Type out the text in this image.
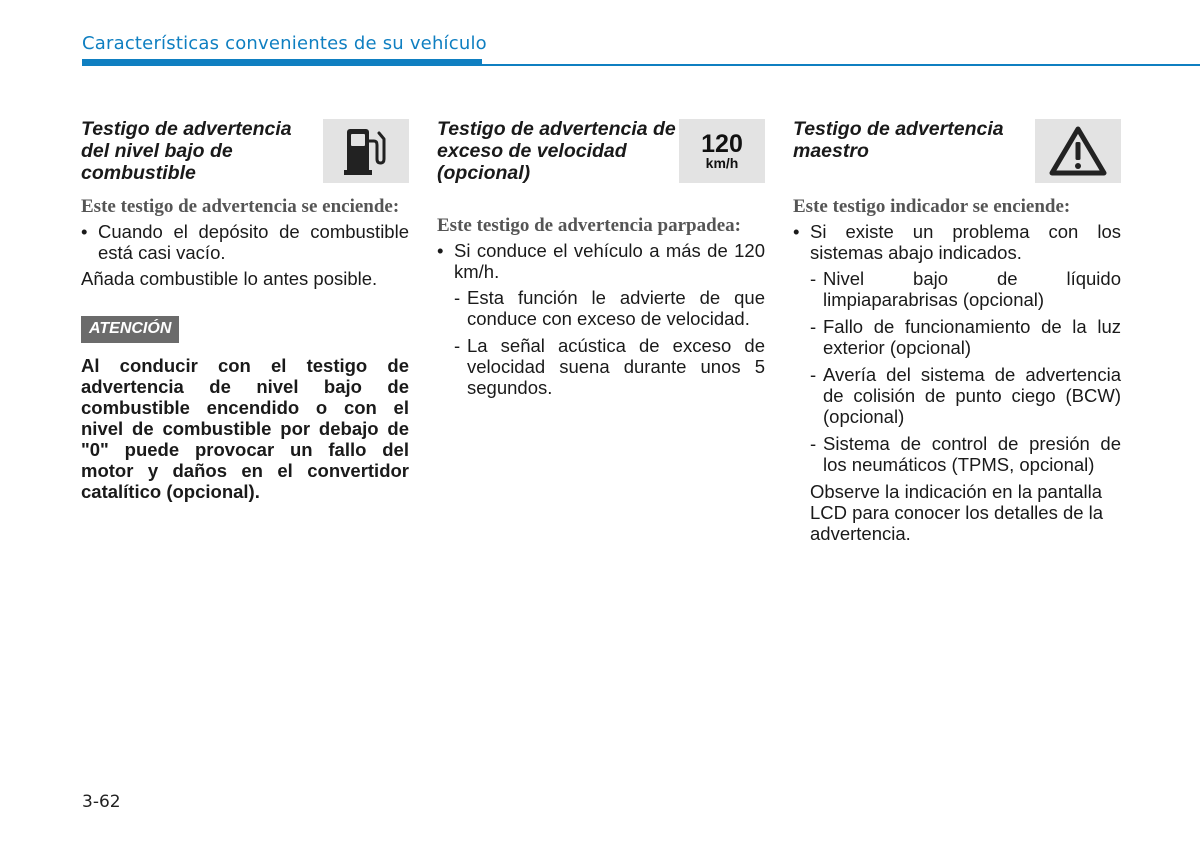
Características convenientes de su vehículo
Testigo de advertencia del nivel bajo de combustible
Este testigo de advertencia se enciende:
• Cuando el depósito de combustible está casi vacío.
Añada combustible lo antes posible.
ATENCIÓN
Al conducir con el testigo de advertencia de nivel bajo de combustible encendido o con el nivel de combustible por debajo de "0" puede provocar un fallo del motor y daños en el convertidor catalítico (opcional).
Testigo de advertencia de exceso de velocidad (opcional)
120
km/h
Este testigo de advertencia parpadea:
• Si conduce el vehículo a más de 120 km/h.
- Esta función le advierte de que conduce con exceso de velocidad.
- La señal acústica de exceso de velocidad suena durante unos 5 segundos.
Testigo de advertencia maestro
Este testigo indicador se enciende:
• Si existe un problema con los sistemas abajo indicados.
- Nivel bajo de líquido limpiaparabrisas (opcional)
- Fallo de funcionamiento de la luz exterior (opcional)
- Avería del sistema de advertencia de colisión de punto ciego (BCW) (opcional)
- Sistema de control de presión de los neumáticos (TPMS, opcional)
Observe la indicación en la pantalla LCD para conocer los detalles de la advertencia.
3-62
